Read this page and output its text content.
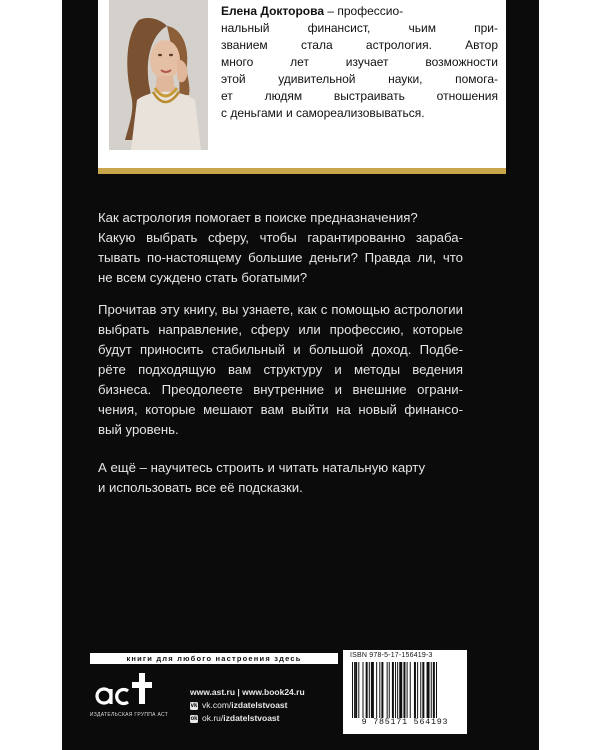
Елена Докторова – профессио-
нальный финансист, чьим при-
званием стала астрология. Автор
много лет изучает возможности
этой удивительной науки, помога-
ет людям выстраивать отношения
с деньгами и самореализовываться.
Как астрология помогает в поиске предназначения?
Какую выбрать сферу, чтобы гарантированно зараба-
тывать по-настоящему большие деньги? Правда ли, что
не всем суждено стать богатыми?
Прочитав эту книгу, вы узнаете, как с помощью астрологии
выбрать направление, сферу или профессию, которые
будут приносить стабильный и большой доход. Подбе-
рёте подходящую вам структуру и методы ведения
бизнеса. Преодолеете внутренние и внешние ограни-
чения, которые мешают вам выйти на новый финансо-
вый уровень.
А ещё – научитесь строить и читать натальную карту
и использовать все её подсказки.
книги для любого настроения здесь
ИЗДАТЕЛЬСКАЯ ГРУППА АСТ
www.ast.ru | www.book24.ru
vk vk.com/ izdatelstvoast
ok ok.ru/ izdatelstvoast
ISBN 978-5-17-156419-3
9 785171 564193
